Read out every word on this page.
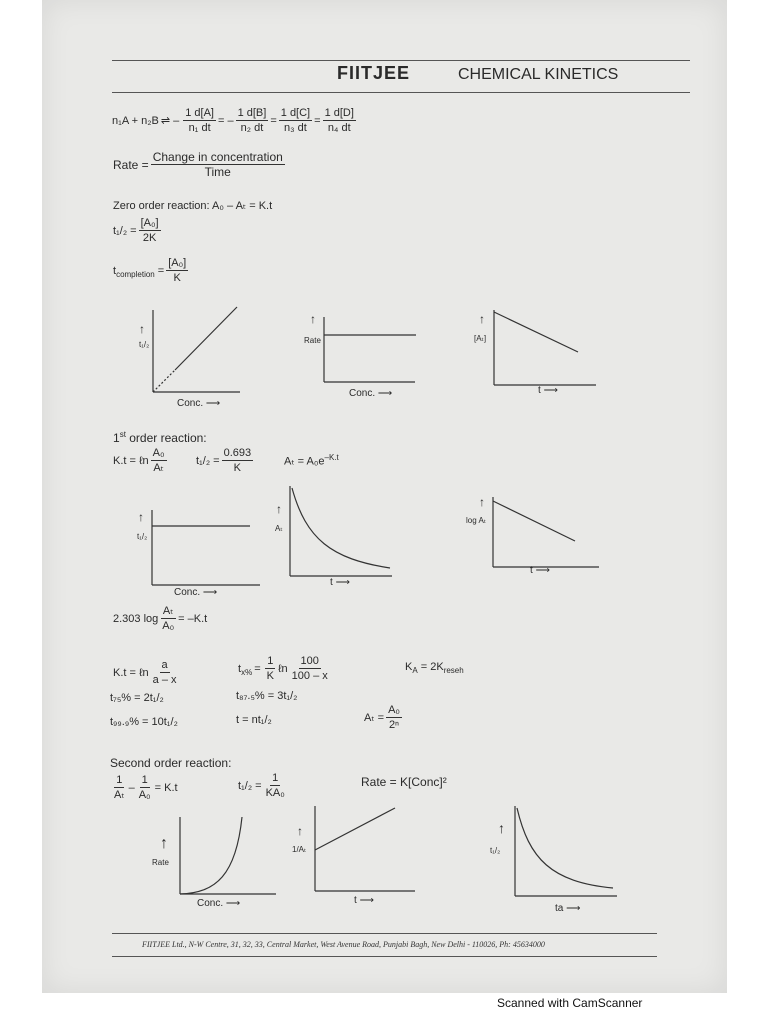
FIITJEE	CHEMICAL KINETICS
n₁A + n₂B ⇌ – $\frac{1 d[A]}{\text{n₁ dt}}$ = – $\frac{1 d[B]}{\text{n₂ dt}} = \frac{1 d[C]}{\text{n₃ dt}} = \frac{1 d[D]}{\text{n₄ dt}}$
Rate = $\frac{\text{Change in concentration}}{\text{Time}}$
Zero order reaction: A₀ – Aₜ = K.t
$t_1/_2 = \frac{\text{[A₀]}}{2K}$
t completion = $\frac{\text{[A₀]}}{K}$
↑
t₁/₂
Conc. ⟶
↑
Rate
Conc. ⟶
↑
[Aₜ]
t ⟶
1st order reaction:
K.t = ℓn $\frac{\text{A₀}}{\text{Aₜ}}$	$t_1/_2 = \frac{0.693}{K}$	$A_t = A_0e^{-K.t}$
↑
t₁/₂
Conc. ⟶
↑
Aₜ
t ⟶
↑
log Aₜ
t ⟶
2.303 $\log \frac{\text{Aₜ}}{\text{A₀}} = -K.t$
K.t = ℓn $\frac{a}{a - x}$	t $x\% = \frac{1}{K}$ ℓn $\frac{100}{100 - x}$	$K_A = 2K_{reseh}$
t₇₅% = 2t₁/₂	t₈₇.₅% = 3t₁/₂
t₉₉.₉% = 10t₁/₂	t = nt₁/₂	$A_t = \frac{\text{A₀}}{\text{2ⁿ}}$
Second order reaction:
$\frac{1}{\text{Aₜ}} - \frac{1}{\text{A₀}} = K.t$	$t_1/_2 = \frac{1}{\text{KA₀}}$	Rate = K[Conc]²
↑
Rate
Conc. ⟶
↑
1/Aₜ
t ⟶
↑
t₁/₂
ta ⟶
FIITJEE Ltd., N-W Centre, 31, 32, 33, Central Market, West Avenue Road, Punjabi Bagh, New Delhi - 110026, Ph: 45634000
Scanned with CamScanner
